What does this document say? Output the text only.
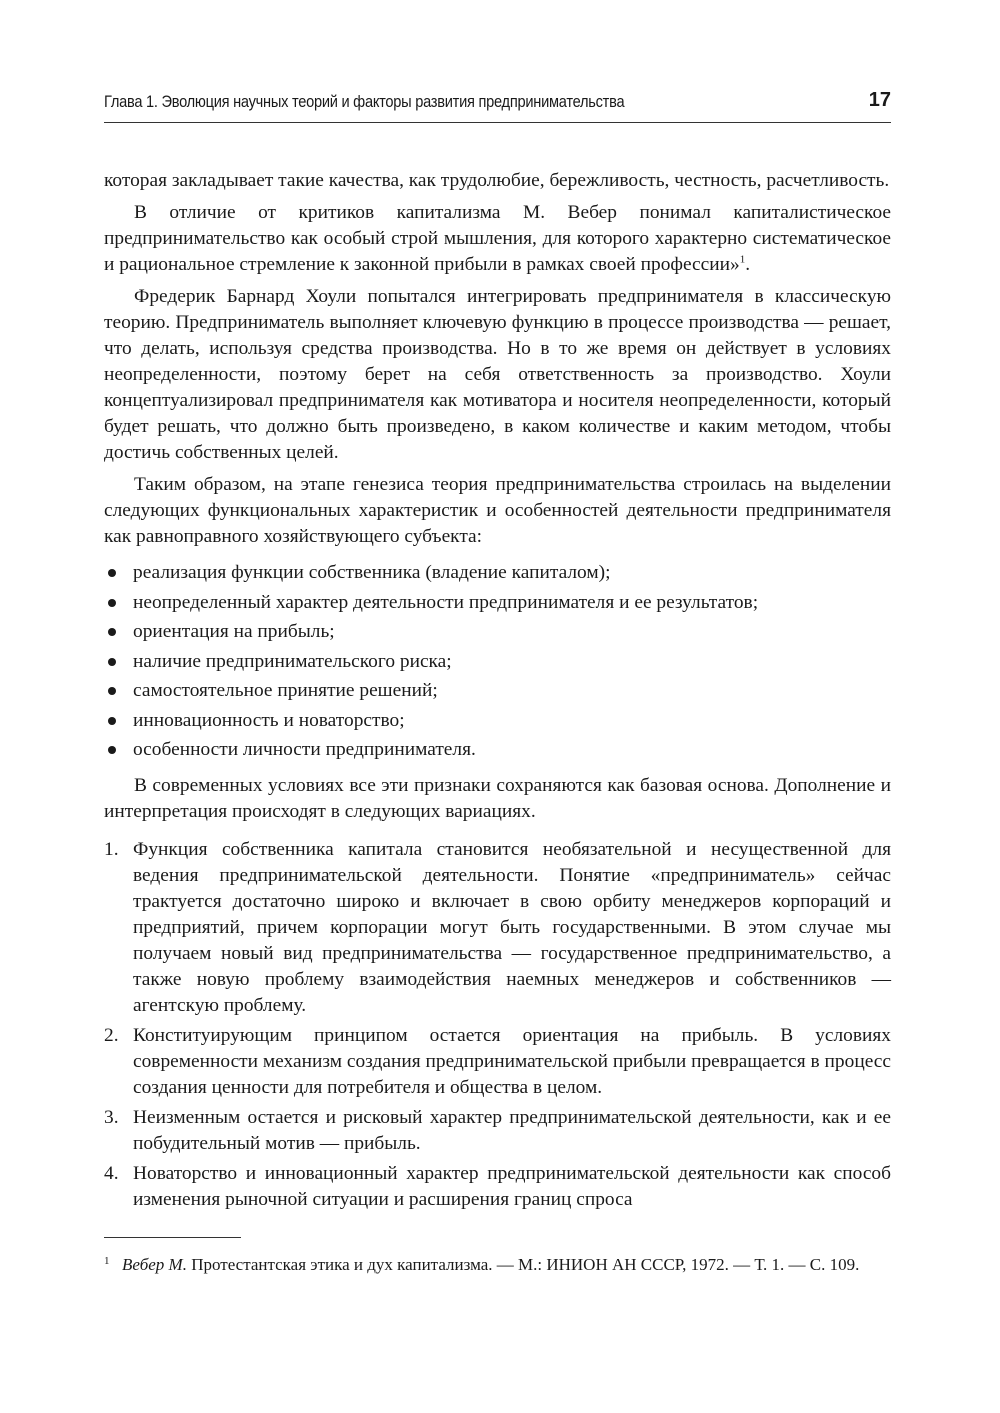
Глава 1. Эволюция научных теорий и факторы развития предпринимательства	17

которая закладывает такие качества, как трудолюбие, бережливость, честность, расчетливость.

В отличие от критиков капитализма М. Вебер понимал капиталистическое предпринимательство как особый строй мышления, для которого характерно систематическое и рациональное стремление к законной прибыли в рамках своей профессии»$^1$.

Фредерик Барнард Хоули попытался интегрировать предпринимателя в классическую теорию. Предприниматель выполняет ключевую функцию в процессе производства — решает, что делать, используя средства производства. Но в то же время он действует в условиях неопределенности, поэтому берет на себя ответственность за производство. Хоули концептуализировал предпринимателя как мотиватора и носителя неопределенности, который будет решать, что должно быть произведено, в каком количестве и каким методом, чтобы достичь собственных целей.

Таким образом, на этапе генезиса теория предпринимательства строилась на выделении следующих функциональных характеристик и особенностей деятельности предпринимателя как равноправного хозяйствующего субъекта:

реализация функции собственника (владение капиталом);
неопределенный характер деятельности предпринимателя и ее результатов;
ориентация на прибыль;
наличие предпринимательского риска;
самостоятельное принятие решений;
инновационность и новаторство;
особенности личности предпринимателя.

В современных условиях все эти признаки сохраняются как базовая основа. Дополнение и интерпретация происходят в следующих вариациях.

1. Функция собственника капитала становится необязательной и несущественной для ведения предпринимательской деятельности. Понятие «предприниматель» сейчас трактуется достаточно широко и включает в свою орбиту менеджеров корпораций и предприятий, причем корпорации могут быть государственными. В этом случае мы получаем новый вид предпринимательства — государственное предпринимательство, а также новую проблему взаимодействия наемных менеджеров и собственников — агентскую проблему.
2. Конституирующим принципом остается ориентация на прибыль. В условиях современности механизм создания предпринимательской прибыли превращается в процесс создания ценности для потребителя и общества в целом.
3. Неизменным остается и рисковый характер предпринимательской деятельности, как и ее побудительный мотив — прибыль.
4. Новаторство и инновационный характер предпринимательской деятельности как способ изменения рыночной ситуации и расширения границ спроса
1 Вебер М. Протестантская этика и дух капитализма. — М.: ИНИОН АН СССР, 1972. — Т. 1. — С. 109.
